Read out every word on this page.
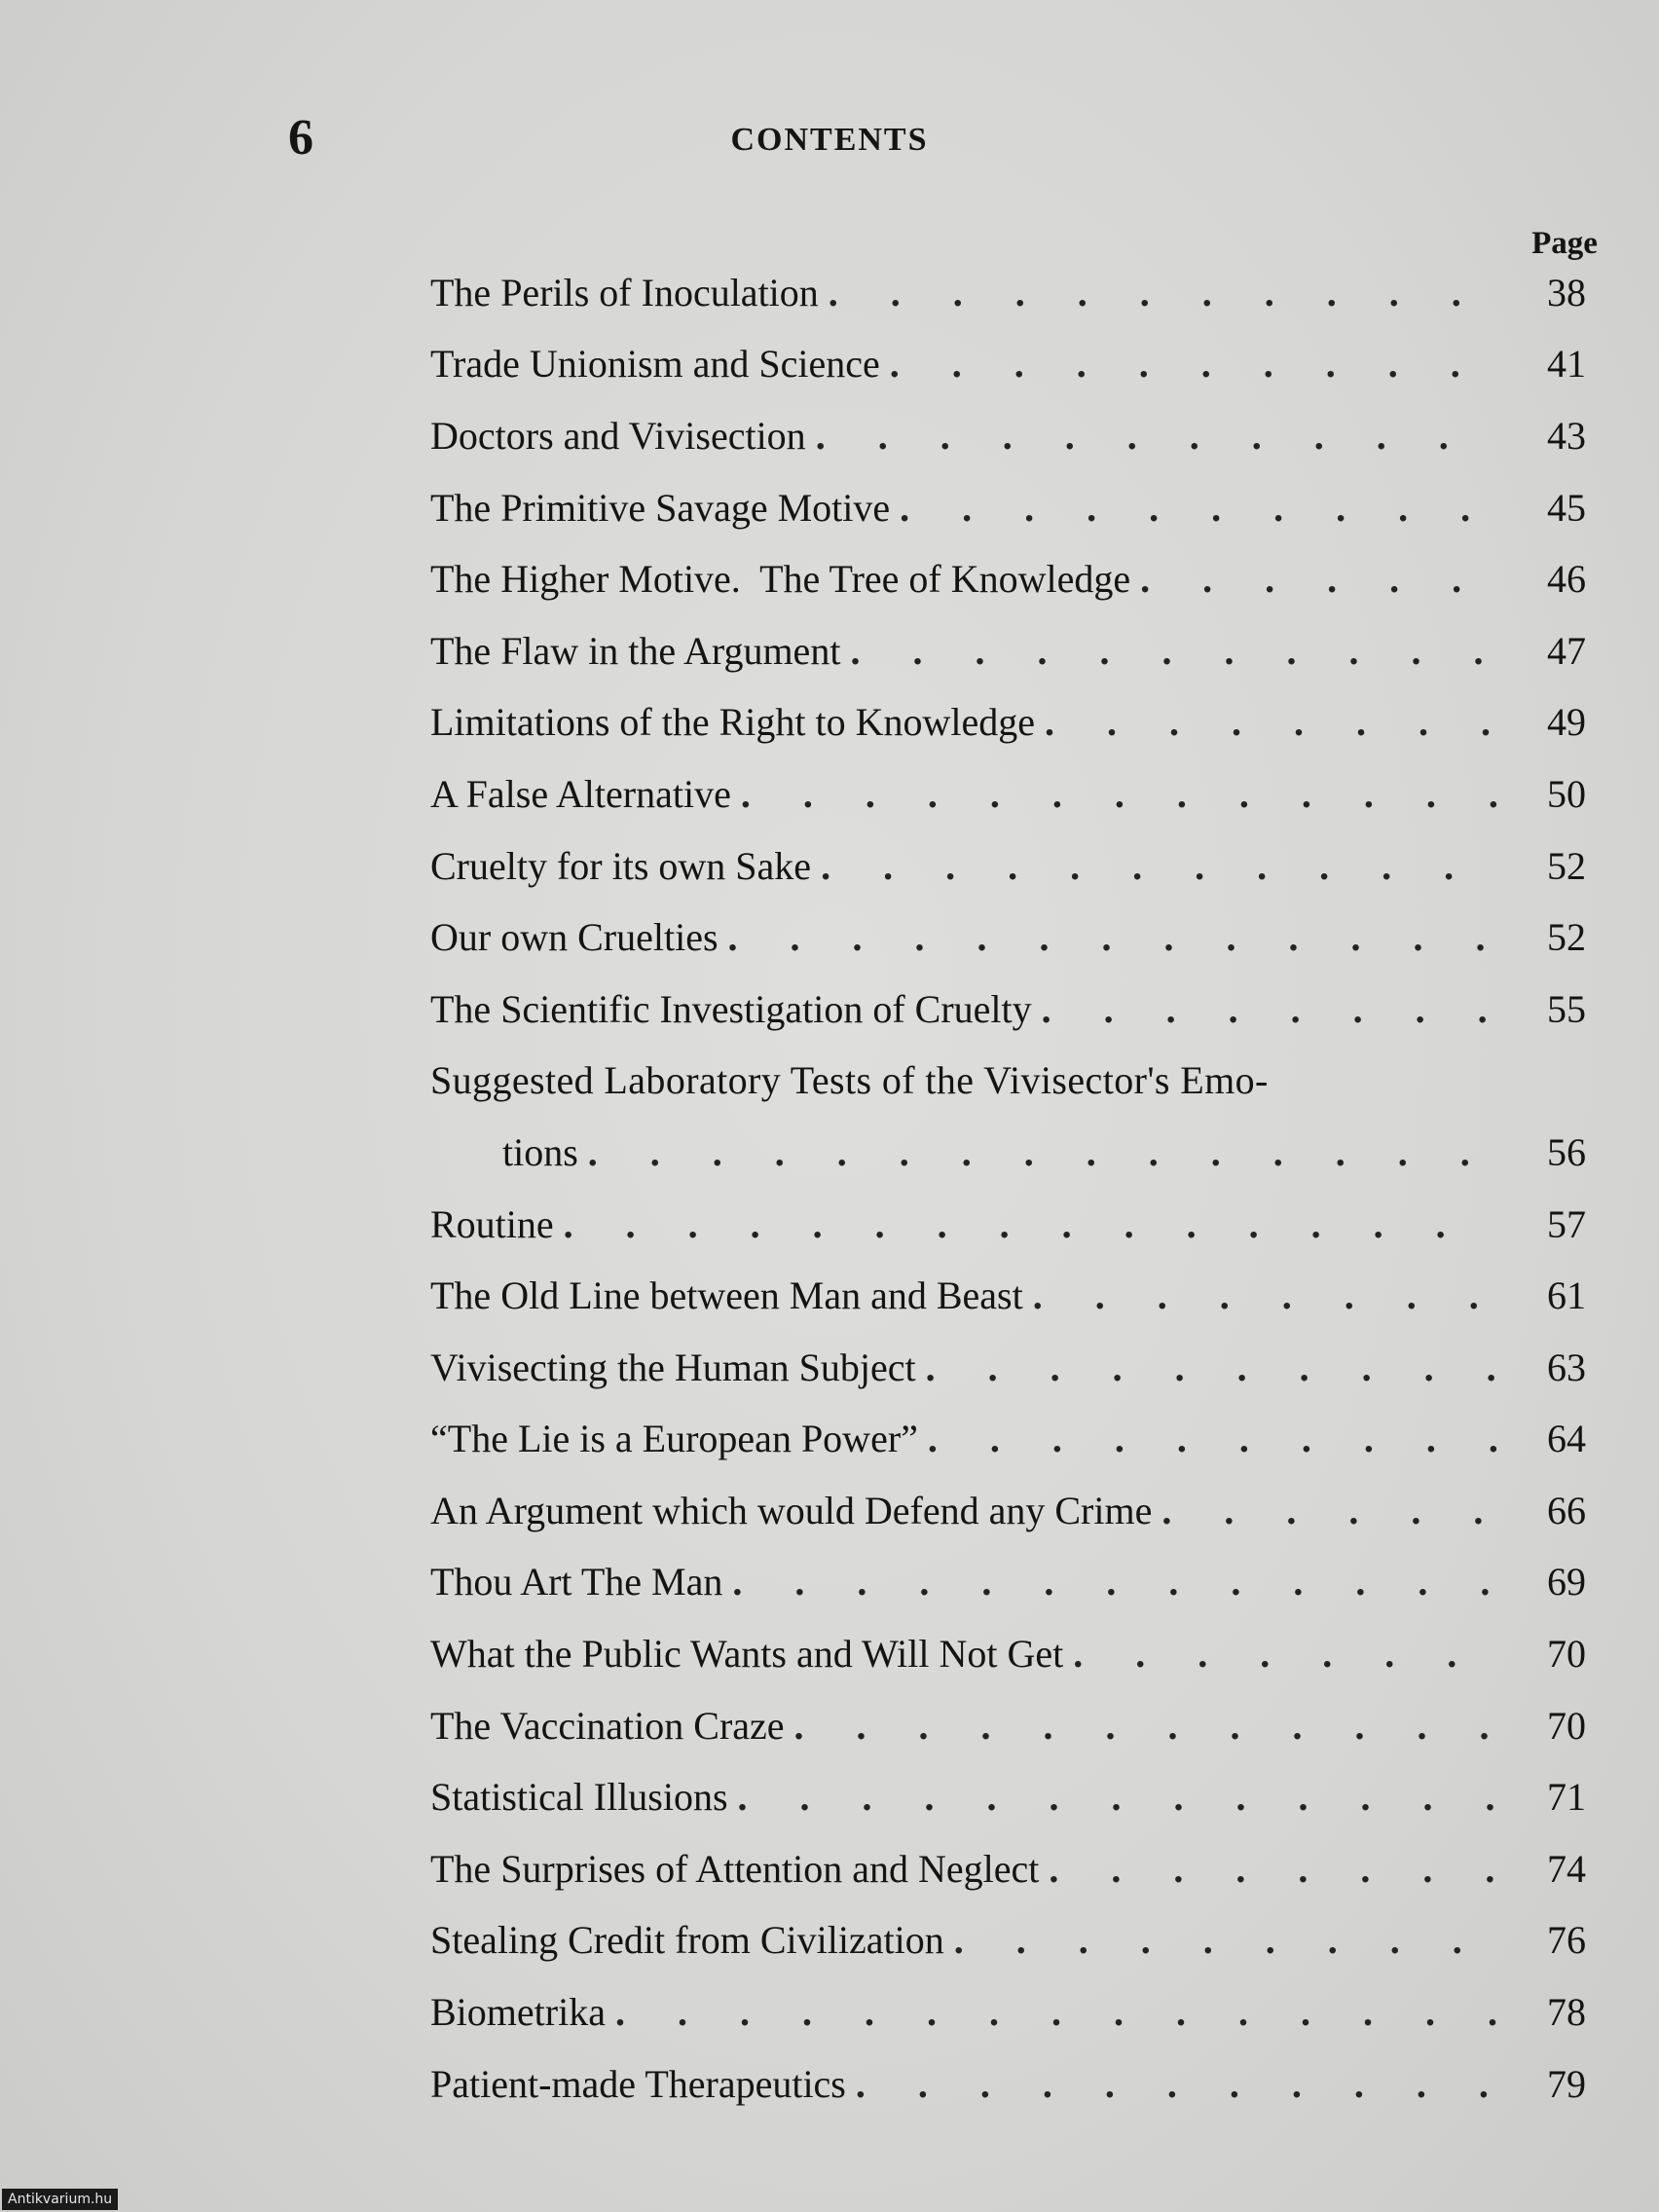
6	CONTENTS
Page
The Perils of Inoculation . . .	38
Trade Unionism and Science . . .	41
Doctors and Vivisection . . .	43
The Primitive Savage Motive . . .	45
The Higher Motive.  The Tree of Knowledge . . .	46
The Flaw in the Argument . . .	47
Limitations of the Right to Knowledge . . .	49
A False Alternative . . .	50
Cruelty for its own Sake . . .	52
Our own Cruelties . . .	52
The Scientific Investigation of Cruelty . . .	55
Suggested Laboratory Tests of the Vivisector's Emo-
tions . . .	56
Routine . . .	57
The Old Line between Man and Beast . . .	61
Vivisecting the Human Subject . . .	63
“The Lie is a European Power” . . .	64
An Argument which would Defend any Crime . . .	66
Thou Art The Man . . .	69
What the Public Wants and Will Not Get . . .	70
The Vaccination Craze . . .	70
Statistical Illusions . . .	71
The Surprises of Attention and Neglect . . .	74
Stealing Credit from Civilization . . .	76
Biometrika . . .	78
Patient-made Therapeutics . . .	79
Antikvarium.hu
